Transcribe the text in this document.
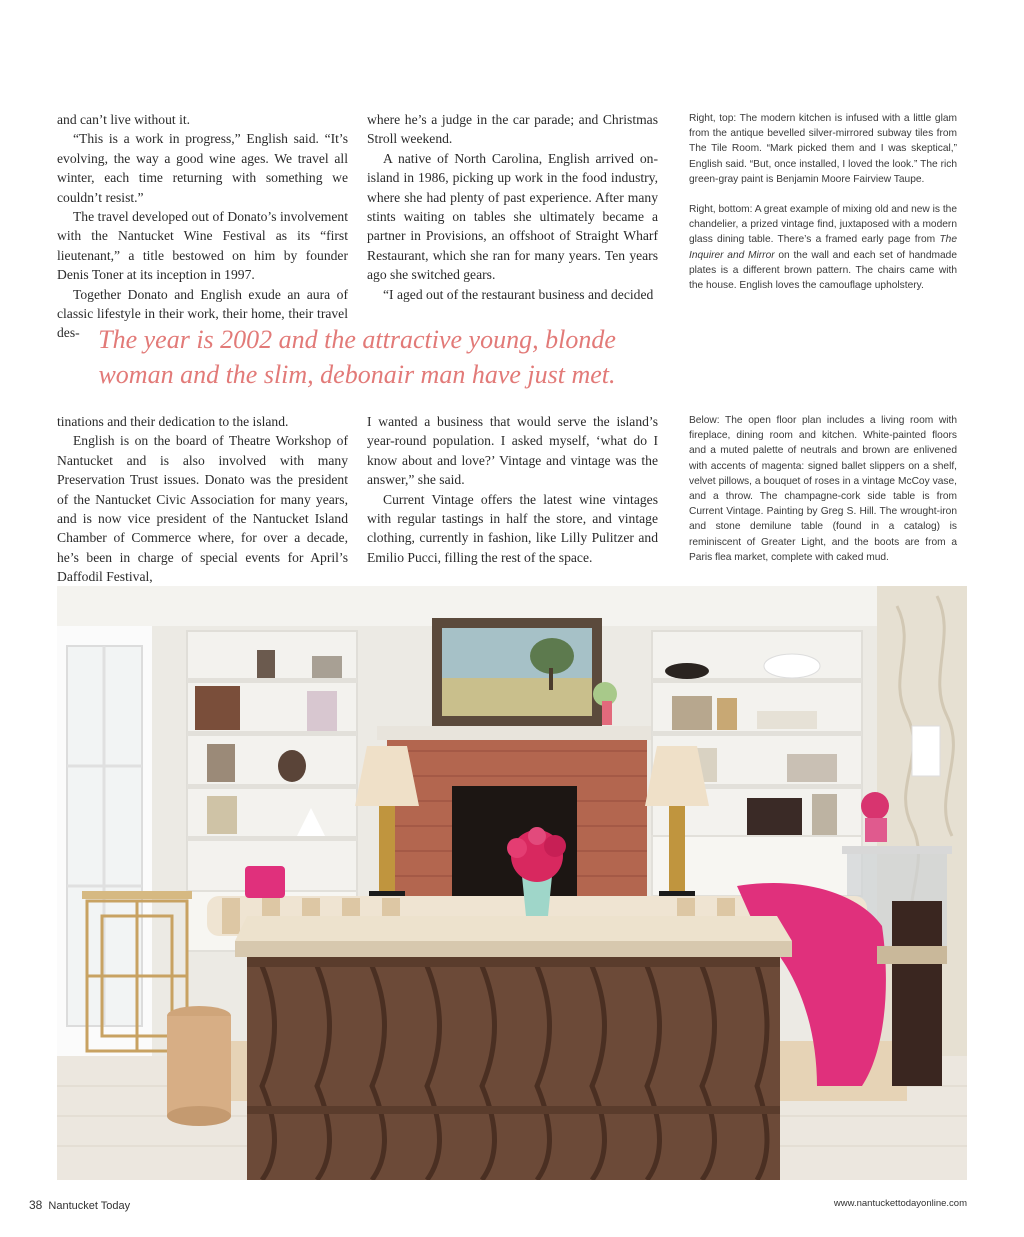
and can’t live without it.

“This is a work in progress,” English said. “It’s evolving, the way a good wine ages. We travel all winter, each time returning with something we couldn’t resist.”

The travel developed out of Donato’s involvement with the Nantucket Wine Festival as its “first lieutenant,” a title bestowed on him by founder Denis Toner at its inception in 1997.

Together Donato and English exude an aura of classic lifestyle in their work, their home, their travel des-

where he’s a judge in the car parade; and Christmas Stroll weekend.

A native of North Carolina, English arrived on-island in 1986, picking up work in the food industry, where she had plenty of past experience. After many stints waiting on tables she ultimately became a partner in Provisions, an offshoot of Straight Wharf Restaurant, which she ran for many years. Ten years ago she switched gears.

“I aged out of the restaurant business and decided

Right, top: The modern kitchen is infused with a little glam from the antique bevelled silver-mirrored subway tiles from The Tile Room. “Mark picked them and I was skeptical,” English said. “But, once installed, I loved the look.” The rich green-gray paint is Benjamin Moore Fairview Taupe.

Right, bottom: A great example of mixing old and new is the chandelier, a prized vintage find, juxtaposed with a modern glass dining table. There’s a framed early page from The Inquirer and Mirror on the wall and each set of handmade plates is a different brown pattern. The chairs came with the house. English loves the camouflage upholstery.

The year is 2002 and the attractive young, blonde
woman and the slim, debonair man have just met.

tinations and their dedication to the island.

English is on the board of Theatre Workshop of Nantucket and is also involved with many Preservation Trust issues. Donato was the president of the Nantucket Civic Association for many years, and is now vice president of the Nantucket Island Chamber of Commerce where, for over a decade, he’s been in charge of special events for April’s Daffodil Festival,

I wanted a business that would serve the island’s year-round population. I asked myself, ‘what do I know about and love?’ Vintage and vintage was the answer,” she said.

Current Vintage offers the latest wine vintages with regular tastings in half the store, and vintage clothing, currently in fashion, like Lilly Pulitzer and Emilio Pucci, filling the rest of the space.

Below: The open floor plan includes a living room with fireplace, dining room and kitchen. White-painted floors and a muted palette of neutrals and brown are enlivened with accents of magenta: signed ballet slippers on a shelf, velvet pillows, a bouquet of roses in a vintage McCoy vase, and a throw. The champagne-cork side table is from Current Vintage. Painting by Greg S. Hill. The wrought-iron and stone demilune table (found in a catalog) is reminiscent of Greater Light, and the boots are from a Paris flea market, complete with caked mud.

38 Nantucket Today	www.nantuckettodayonline.com
